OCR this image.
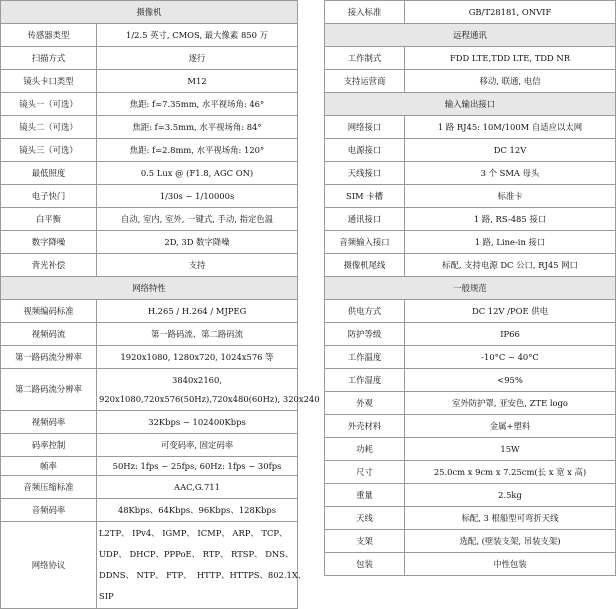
摄像机	
传感器类型	1/2.5 英寸, CMOS, 最大像素 850 万
扫描方式	逐行
镜头卡口类型	M12
镜头一（可选）	焦距: f=7.35mm, 水平视场角: 46°
镜头二（可选）	焦距: f=3.5mm, 水平视场角: 84°
镜头三（可选）	焦距: f=2.8mm, 水平视场角: 120°
最低照度	0.5 Lux @ (F1.8, AGC ON)
电子快门	1/30s ~ 1/10000s
白平衡	自动, 室内, 室外, 一键式, 手动, 指定色温
数字降噪	2D, 3D 数字降噪
背光补偿	支持
网络特性	
视频编码标准	H.265 / H.264 / MJPEG
视频码流	第一路码流、第二路码流
第一路码流分辨率	1920x1080, 1280x720, 1024x576 等
第二路码流分辨率	3840x2160,
920x1080,720x576(50Hz),720x480(60Hz), 320x240
视频码率	32Kbps ~ 102400Kbps
码率控制	可变码率, 固定码率
帧率	50Hz: 1fps ~ 25fps, 60Hz: 1fps ~ 30fps
音频压缩标准	AAC,G.711
音频码率	48Kbps、64Kbps、96Kbps、128Kbps
网络协议	L2TP、 IPv4、 IGMP、 ICMP、 ARP、 TCP、
UDP、 DHCP、PPPoE、 RTP、 RTSP、 DNS、
DDNS、 NTP、 FTP、  HTTP、HTTPS、802.1X、
SIP
接入标准	GB/T28181, ONVIF
远程通讯	
工作制式	FDD LTE,TDD LTE, TDD NR
支持运营商	移动, 联通, 电信
输入输出接口	
网络接口	1 路 RJ45: 10M/100M 自适应以太网
电源接口	DC 12V
天线接口	3 个 SMA 母头
SIM 卡槽	标准卡
通讯接口	1 路, RS-485 接口
音频输入接口	1 路, Line-in 接口
摄像机尾线	标配, 支持电源 DC 公口, RJ45 网口
一般规范	
供电方式	DC 12V /POE 供电
防护等级	IP66
工作温度	-10°C ~ 40°C
工作湿度	<95%
外观	室外防护罩, 亚安色, ZTE logo
外壳材料	金属+塑料
功耗	15W
尺寸	25.0cm x 9cm x 7.25cm(长 x 宽 x 高)
重量	2.5kg
天线	标配, 3 根船型可弯折天线
支架	选配, (壁装支架, 吊装支架)
包装	中性包装
